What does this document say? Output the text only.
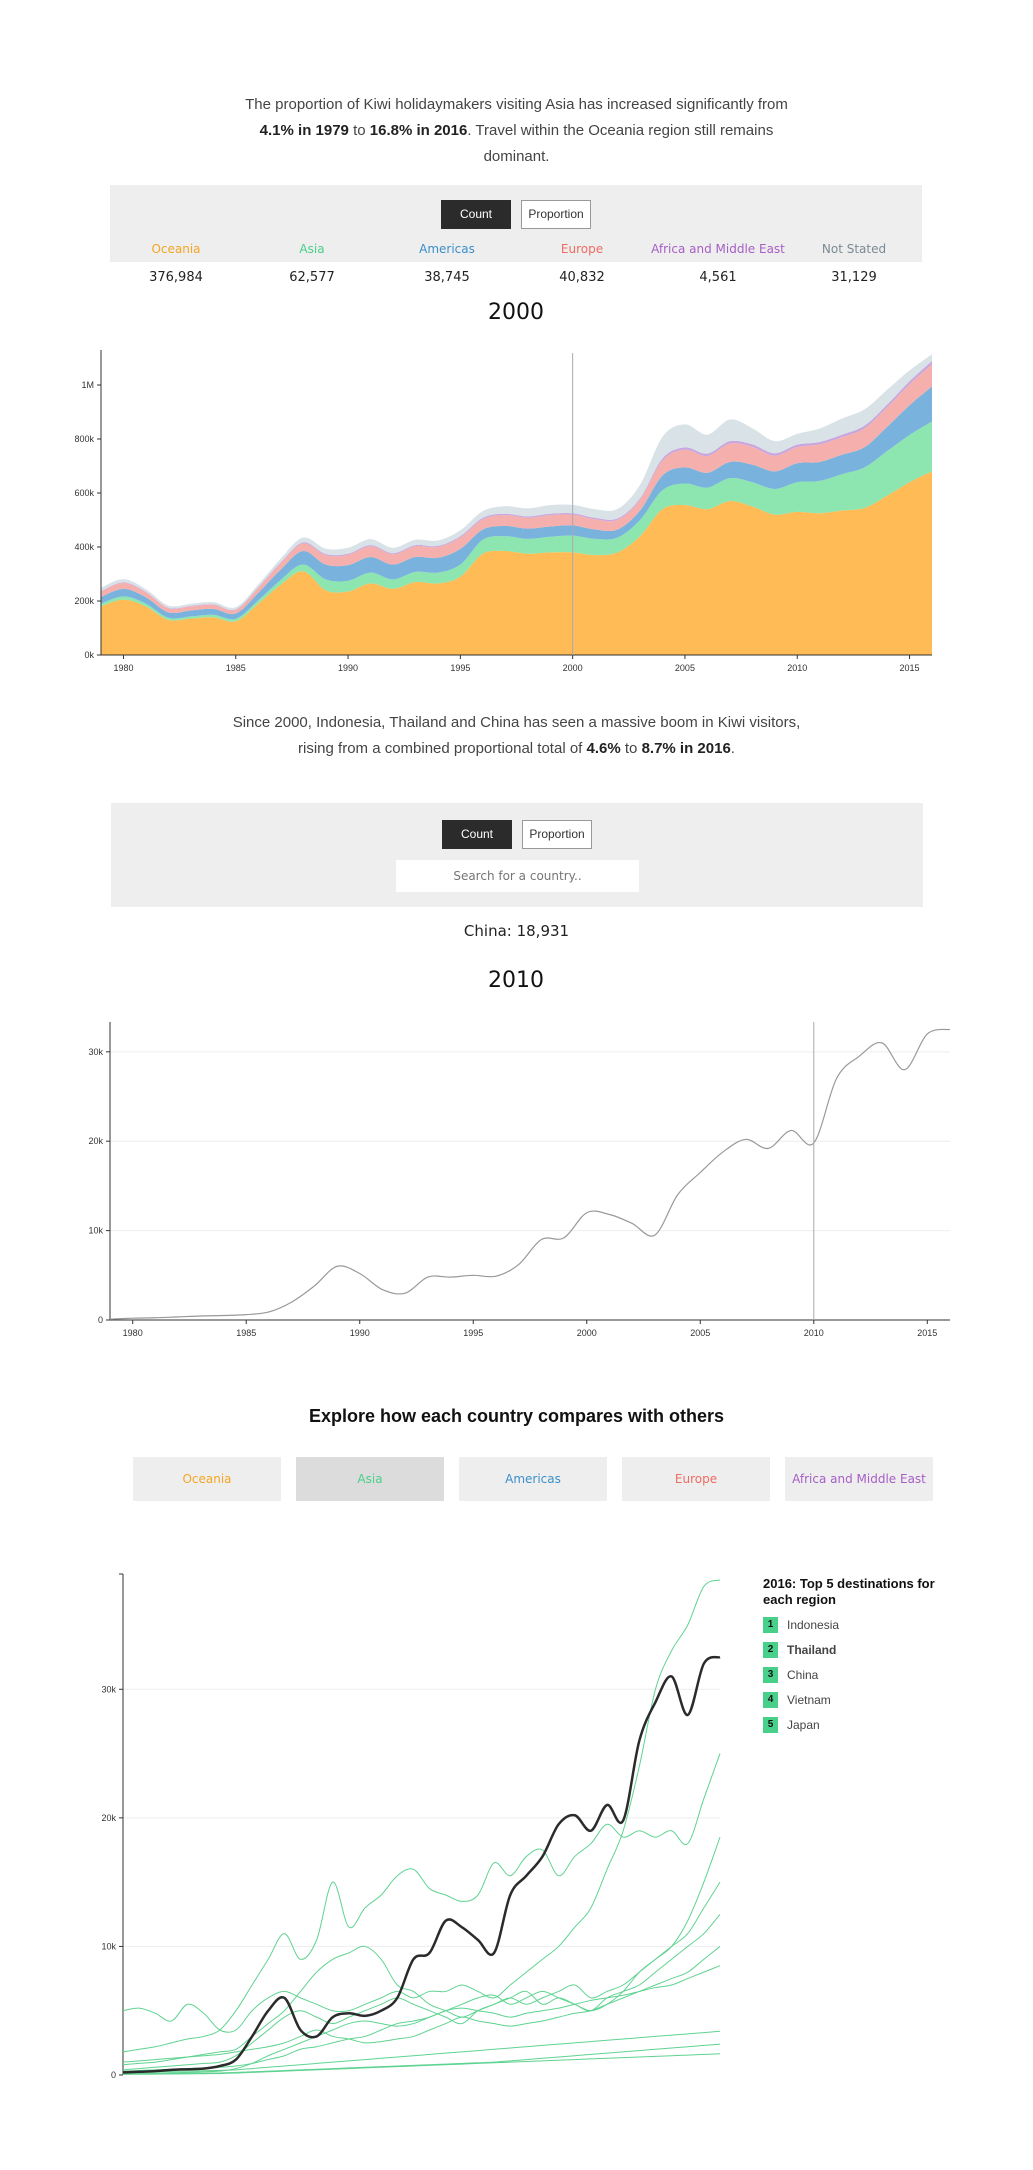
The proportion of Kiwi holidaymakers visiting Asia has increased significantly from
4.1% in 1979 to 16.8% in 2016. Travel within the Oceania region still remains dominant.
Count	Proportion
Oceania
376,984
Asia
62,577
Americas
38,745
Europe
40,832
Africa and Middle East
4,561
Not Stated
31,129
2000
0k
200k
400k
600k
800k
1M
1980	1985	1990	1995	2000	2005	2010	2015
Since 2000, Indonesia, Thailand and China has seen a massive boom in Kiwi visitors, rising from a combined proportional total of 4.6% to 8.7% in 2016.
Count	Proportion
Search for a country..
China: 18,931
2010
0
10k
20k
30k
1980	1985	1990	1995	2000	2005	2010	2015
Explore how each country compares with others
Oceania	Asia	Americas	Europe	Africa and Middle East
0
10k
20k
30k
2016: Top 5 destinations for each region
1 Indonesia
2 Thailand
3 China
4 Vietnam
5 Japan
